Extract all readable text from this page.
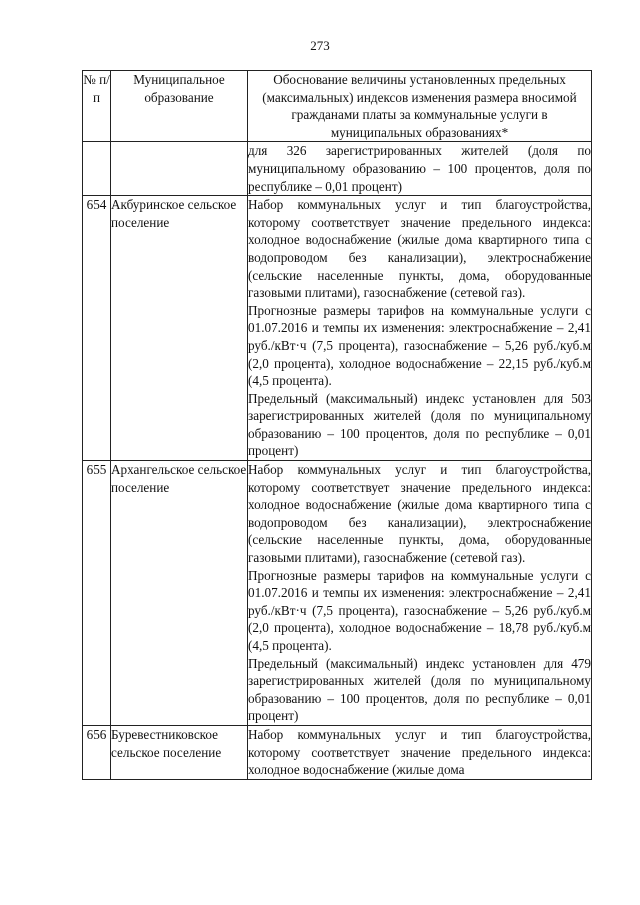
273
№ п/п	Муниципальное образование	Обоснование величины установленных предельных (максимальных) индексов изменения размера вносимой гражданами платы за коммунальные услуги в муниципальных образованиях*

		для 326 зарегистрированных жителей (доля по муниципальному образованию – 100 процентов, доля по республике – 0,01 процент)

654	Акбуринское сельское поселение	Набор коммунальных услуг и тип благоустройства, которому соответствует значение предельного индекса: холодное водоснабжение (жилые дома квартирного типа с водопроводом без канализации), электроснабжение (сельские населенные пункты, дома, оборудованные газовыми плитами), газоснабжение (сетевой газ).

Прогнозные размеры тарифов на коммунальные услуги с 01.07.2016 и темпы их изменения: электроснабжение – 2,41 руб./кВт·ч (7,5 процента), газоснабжение – 5,26 руб./куб.м (2,0 процента), холодное водоснабжение – 22,15 руб./куб.м (4,5 процента).

Предельный (максимальный) индекс установлен для 503 зарегистрированных жителей (доля по муниципальному образованию – 100 процентов, доля по республике – 0,01 процент)

655	Архангельское сельское поселение	Набор коммунальных услуг и тип благоустройства, которому соответствует значение предельного индекса: холодное водоснабжение (жилые дома квартирного типа с водопроводом без канализации), электроснабжение (сельские населенные пункты, дома, оборудованные газовыми плитами), газоснабжение (сетевой газ).

Прогнозные размеры тарифов на коммунальные услуги с 01.07.2016 и темпы их изменения: электроснабжение – 2,41 руб./кВт·ч (7,5 процента), газоснабжение – 5,26 руб./куб.м (2,0 процента), холодное водоснабжение – 18,78 руб./куб.м (4,5 процента).

Предельный (максимальный) индекс установлен для 479 зарегистрированных жителей (доля по муниципальному образованию – 100 процентов, доля по республике – 0,01 процент)

656	Буревестниковское сельское поселение	Набор коммунальных услуг и тип благоустройства, которому соответствует значение предельного индекса: холодное водоснабжение (жилые дома
